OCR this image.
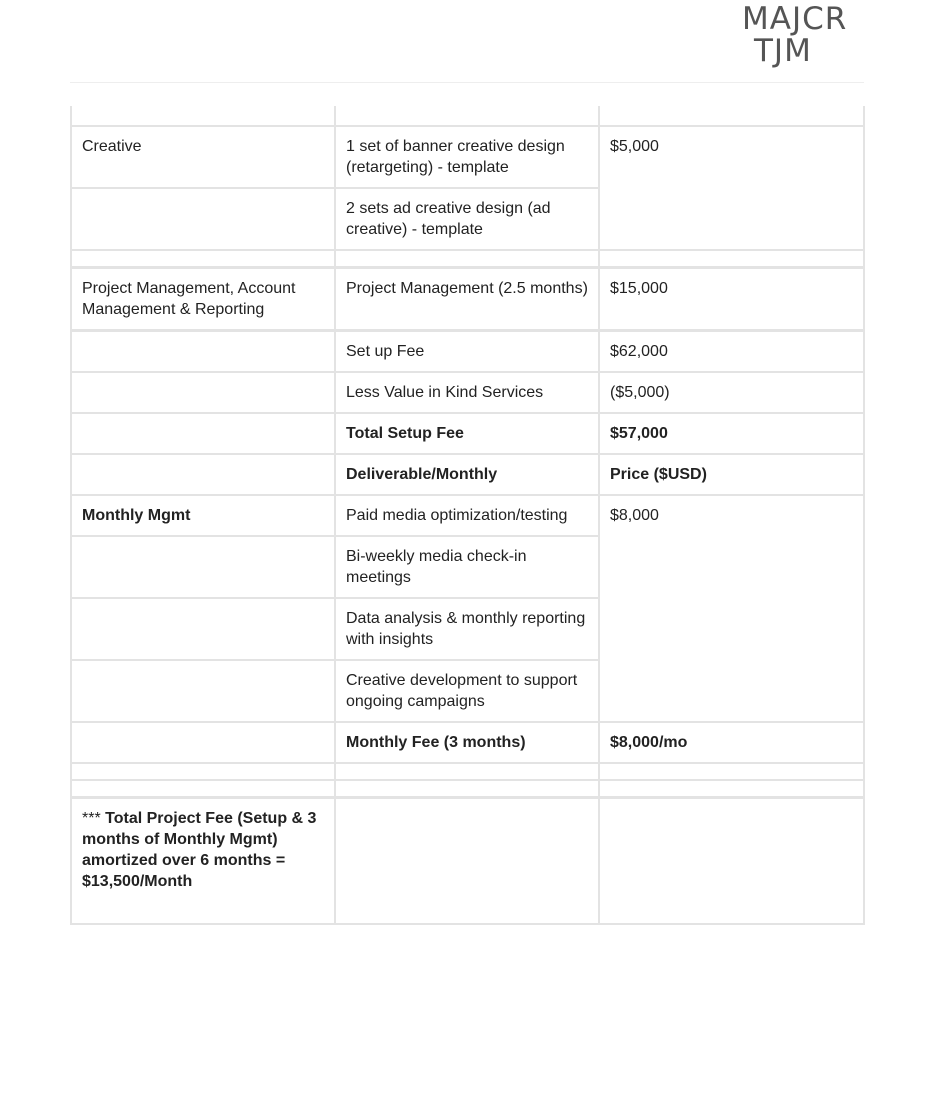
MAJCR
TJM

Creative	1 set of banner creative design (retargeting) - template	$5,000
	2 sets ad creative design (ad creative) - template	

Project Management, Account Management & Reporting	Project Management (2.5 months)	$15,000
	Set up Fee	$62,000
	Less Value in Kind Services	($5,000)
	Total Setup Fee	$57,000
	Deliverable/Monthly	Price ($USD)
Monthly Mgmt	Paid media optimization/testing	$8,000
	Bi-weekly media check-in meetings	
	Data analysis & monthly reporting with insights	
	Creative development to support ongoing campaigns	
	Monthly Fee (3 months)	$8,000/mo

*** Total Project Fee (Setup & 3 months of Monthly Mgmt) amortized over 6 months = $13,500/Month		
